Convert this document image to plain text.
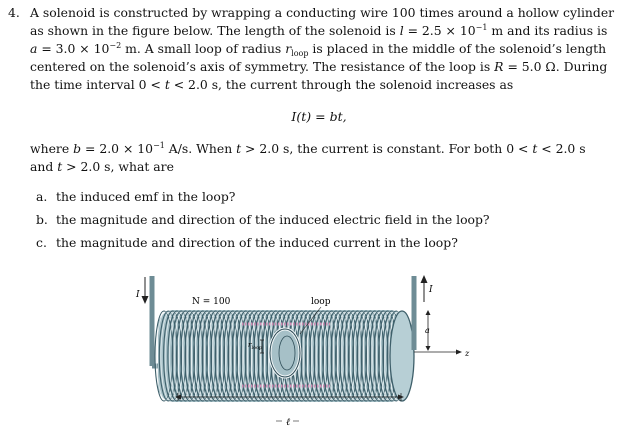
4. A solenoid is constructed by wrapping a conducting wire 100 times around a hollow cylinder
as shown in the figure below. The length of the solenoid is $l = 2.5 \times 10^{-1}$ m and its radius is
$a = 3.0 \times 10^{-2}$ m. A small loop of radius $r_{loop}$ is placed in the middle of the solenoid’s length
centered on the solenoid’s axis of symmetry. The resistance of the loop is R = 5.0 Ω. During
the time interval 0 < t < 2.0 s, the current through the solenoid increases as
I(t) = bt,
where $b = 2.0 \times 10^{-1}$ A/s. When t > 2.0 s, the current is constant. For both 0 < t < 2.0 s
and t > 2.0 s, what are
a. the induced emf in the loop?
b. the magnitude and direction of the induced electric field in the loop?
c. the magnitude and direction of the induced current in the loop?
I
$r_{loop}$
N = 100	loop
I
a
z
ℓ
